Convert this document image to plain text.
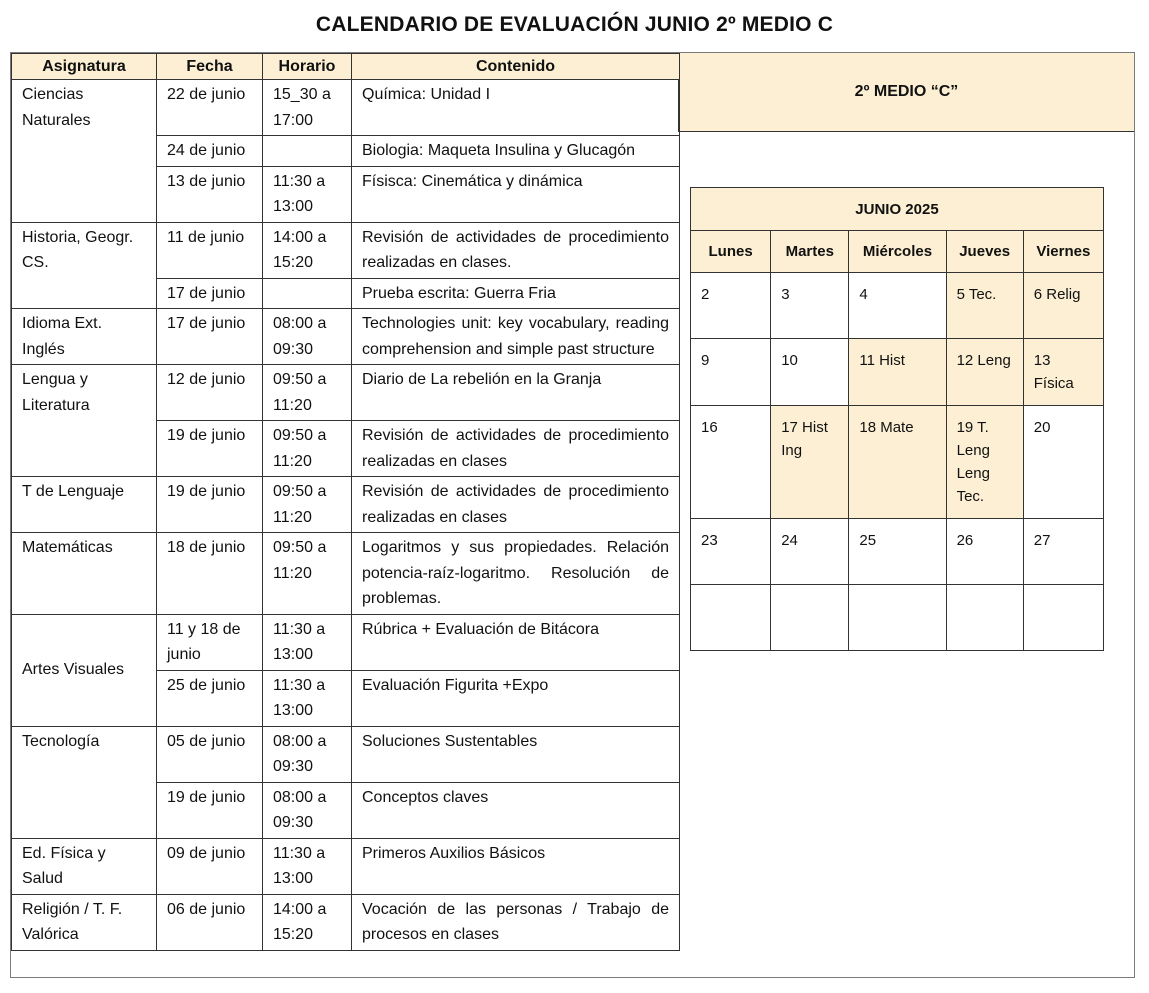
CALENDARIO DE EVALUACIÓN JUNIO 2º MEDIO C
2º MEDIO “C”
Asignatura	Fecha	Horario	Contenido
Ciencias Naturales	22 de junio	15_30 a 17:00	Química: Unidad I
	24 de junio		Biologia: Maqueta Insulina y Glucagón
	13 de junio	11:30 a 13:00	Físisca: Cinemática y dinámica
Historia, Geogr. CS.	11 de junio	14:00 a 15:20	Revisión de actividades de procedimiento realizadas en clases.
	17 de junio		Prueba escrita: Guerra Fria
Idioma Ext. Inglés	17 de junio	08:00 a 09:30	Technologies unit: key vocabulary, reading comprehension and simple past structure
Lengua y Literatura	12 de junio	09:50 a 11:20	Diario de La rebelión en la Granja
	19 de junio	09:50 a 11:20	Revisión de actividades de procedimiento realizadas en clases
T de Lenguaje	19 de junio	09:50 a 11:20	Revisión de actividades de procedimiento realizadas en clases
Matemáticas	18 de junio	09:50 a 11:20	Logaritmos y sus propiedades. Relación potencia-raíz-logaritmo. Resolución de problemas.
Artes Visuales	11 y 18 de junio	11:30 a 13:00	Rúbrica + Evaluación de Bitácora
	25 de junio	11:30 a 13:00	Evaluación Figurita +Expo
Tecnología	05 de junio	08:00 a 09:30	Soluciones Sustentables
	19 de junio	08:00 a 09:30	Conceptos claves
Ed. Física y Salud	09 de junio	11:30 a 13:00	Primeros Auxilios Básicos
Religión / T. F. Valórica	06 de junio	14:00 a 15:20	Vocación de las personas / Trabajo de procesos en clases
JUNIO 2025				
Lunes	Martes	Miércoles	Jueves	Viernes
2	3	4	5 Tec.	6 Relig
9	10	11 Hist	12 Leng	13 Física
16	17 Hist Ing	18 Mate	19 T. Leng Leng Tec.	20
23	24	25	26	27
